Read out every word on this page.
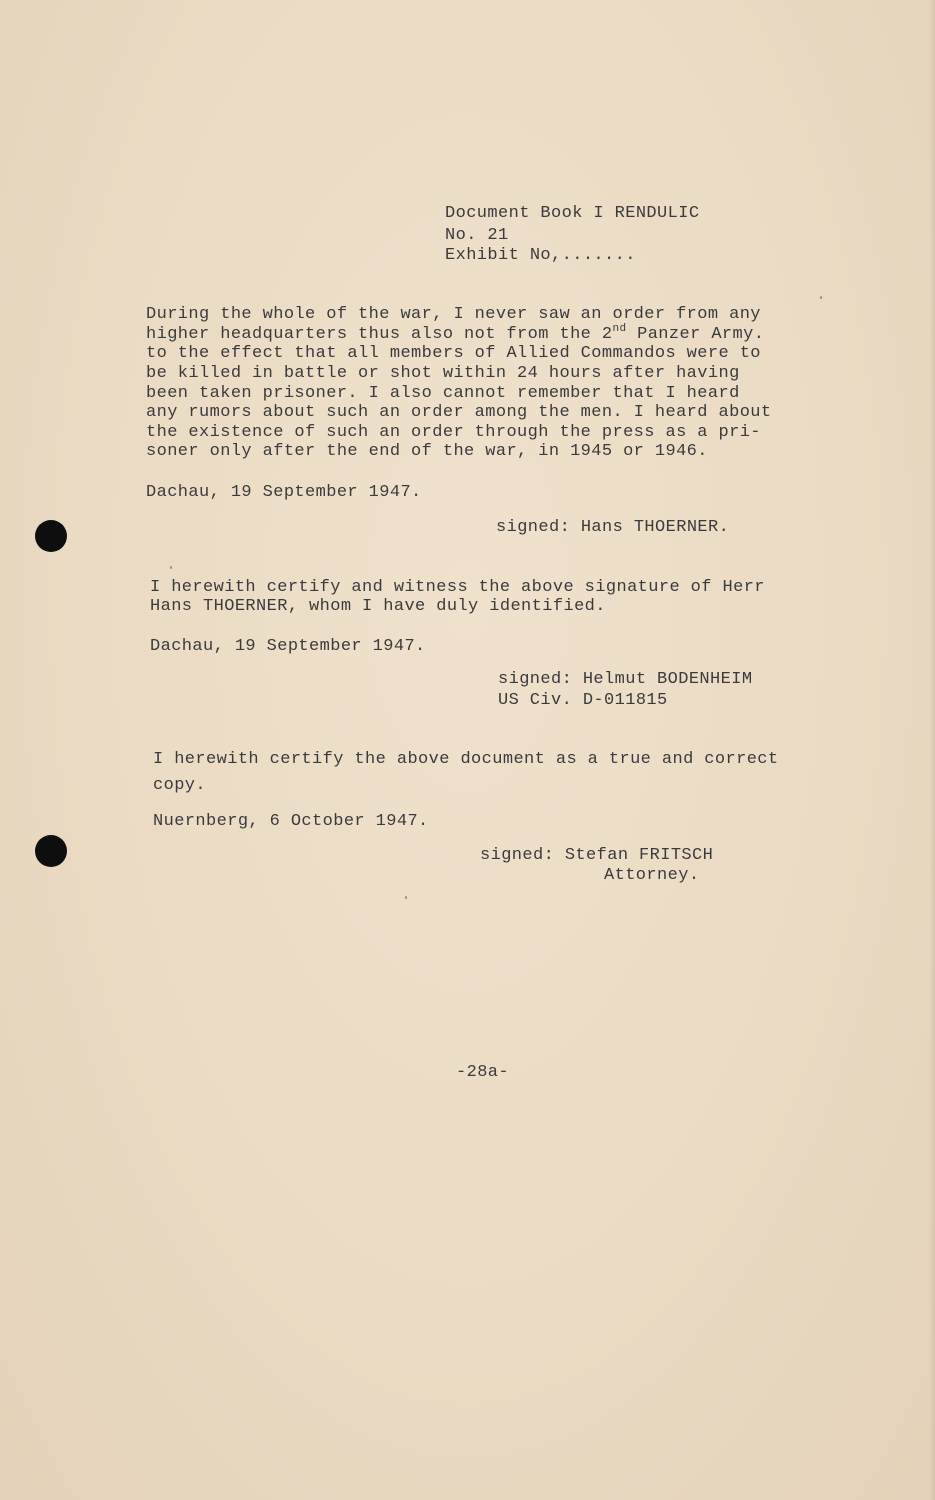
Document Book I RENDULIC
No. 21
Exhibit No,.......
During the whole of the war, I never saw an order from any
higher headquarters thus also not from the 2nd Panzer Army.
to the effect that all members of Allied Commandos were to
be killed in battle or shot within 24 hours after having
been taken prisoner. I also cannot remember that I heard
any rumors about such an order among the men. I heard about
the existence of such an order through the press as a pri-
soner only after the end of the war, in 1945 or 1946.
Dachau, 19 September 1947.
signed: Hans THOERNER.
I herewith certify and witness the above signature of Herr
Hans THOERNER, whom I have duly identified.
Dachau, 19 September 1947.
signed: Helmut BODENHEIM
US Civ. D-011815
I herewith certify the above document as a true and correct
copy.
Nuernberg, 6 October 1947.
signed: Stefan FRITSCH
Attorney.
-28a-
